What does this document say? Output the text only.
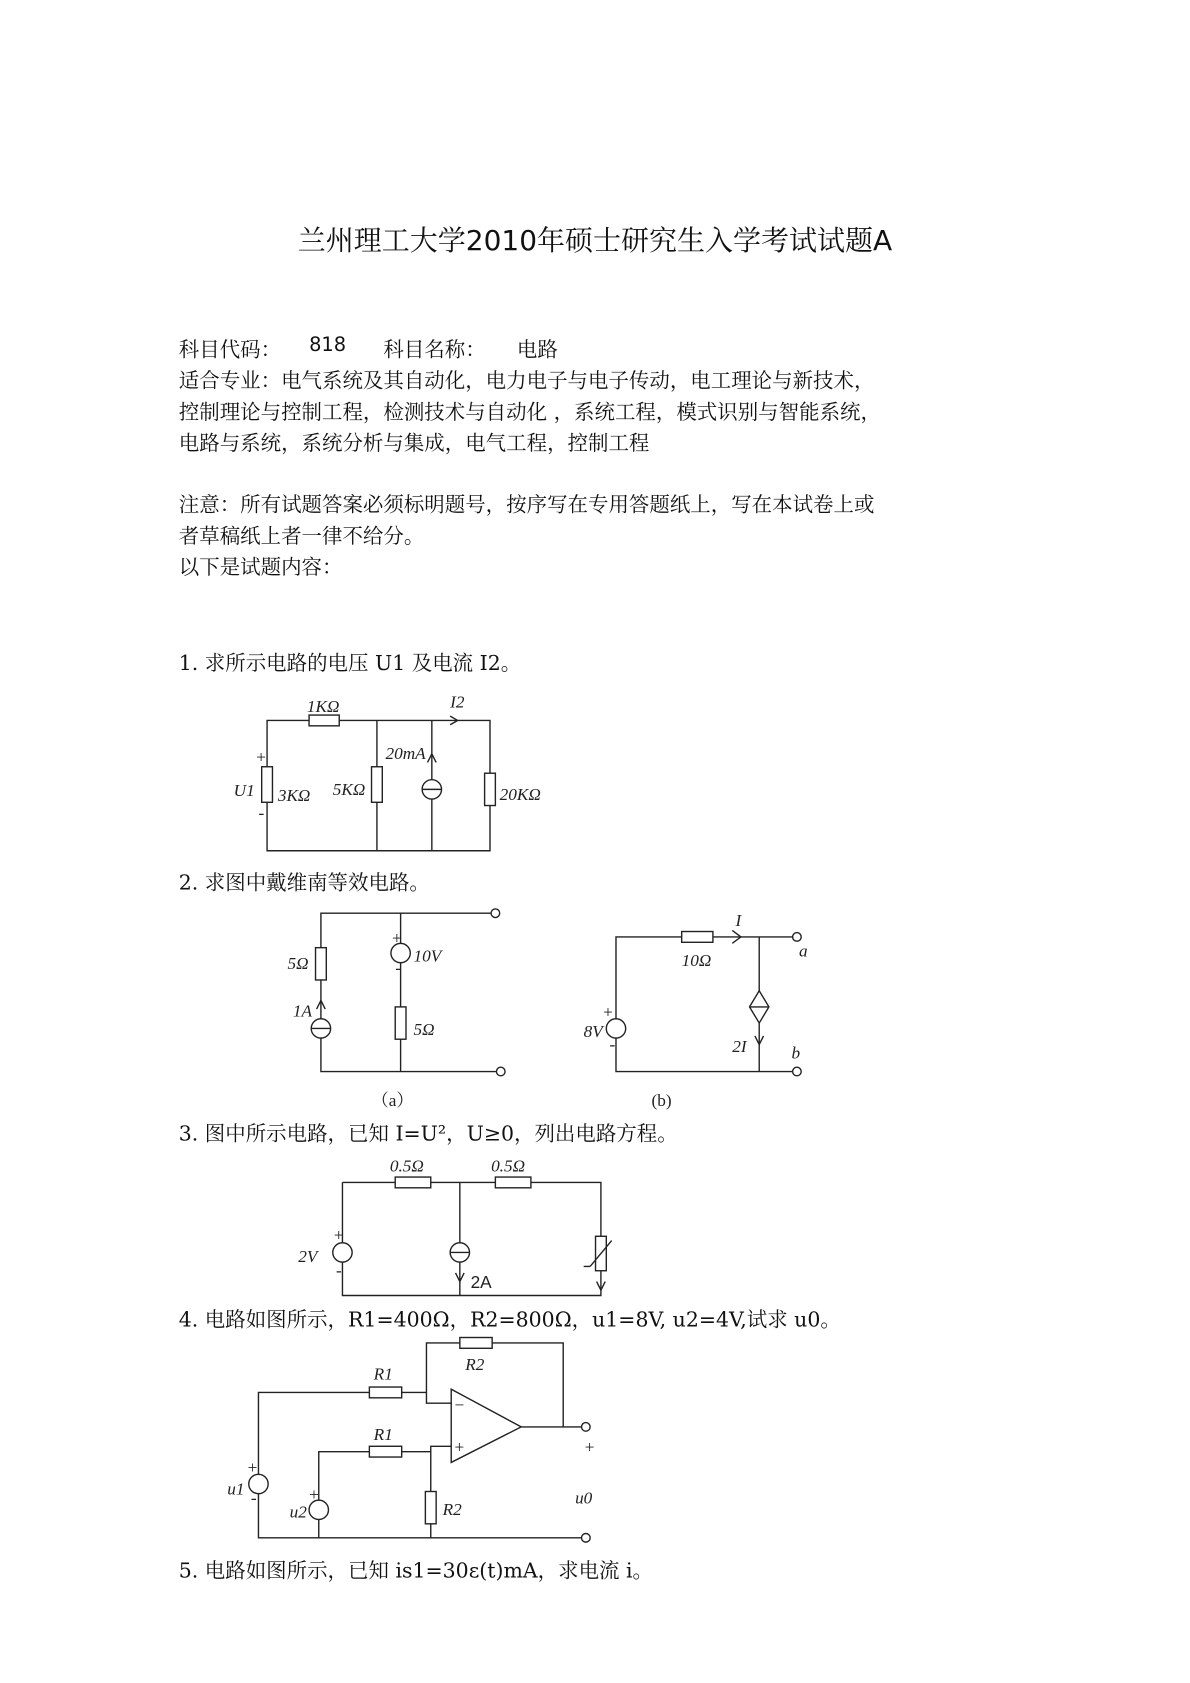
兰州理工大学2010年硕士研究生入学考试试题A
科目代码： 818 科目名称： 电路
适合专业：电气系统及其自动化，电力电子与电子传动，电工理论与新技术，
控制理论与控制工程，检测技术与自动化 ，系统工程，模式识别与智能系统，
电路与系统，系统分析与集成，电气工程，控制工程
注意：所有试题答案必须标明题号，按序写在专用答题纸上，写在本试卷上或
者草稿纸上者一律不给分。
以下是试题内容：
1. 求所示电路的电压 U1 及电流 I2。
2. 求图中戴维南等效电路。
3. 图中所示电路，已知 I=U²，U≥0，列出电路方程。
4. 电路如图所示，R1=400Ω，R2=800Ω，u1=8V, u2=4V,试求 u0。
5. 电路如图所示，已知 is1=30ε(t)mA，求电流 i。
1KΩ	I2
+
U1 3KΩ
-
5KΩ
20mA
20KΩ
5Ω
1A
+
-
10V
5Ω
（a）
I
10Ω
a
b
+
8V
-	2I
(b)
0.5Ω	0.5Ω
+
2V
-
2A
R1
R1
R2
R2
−
+	+
u0
+
u1 -	+
u2
